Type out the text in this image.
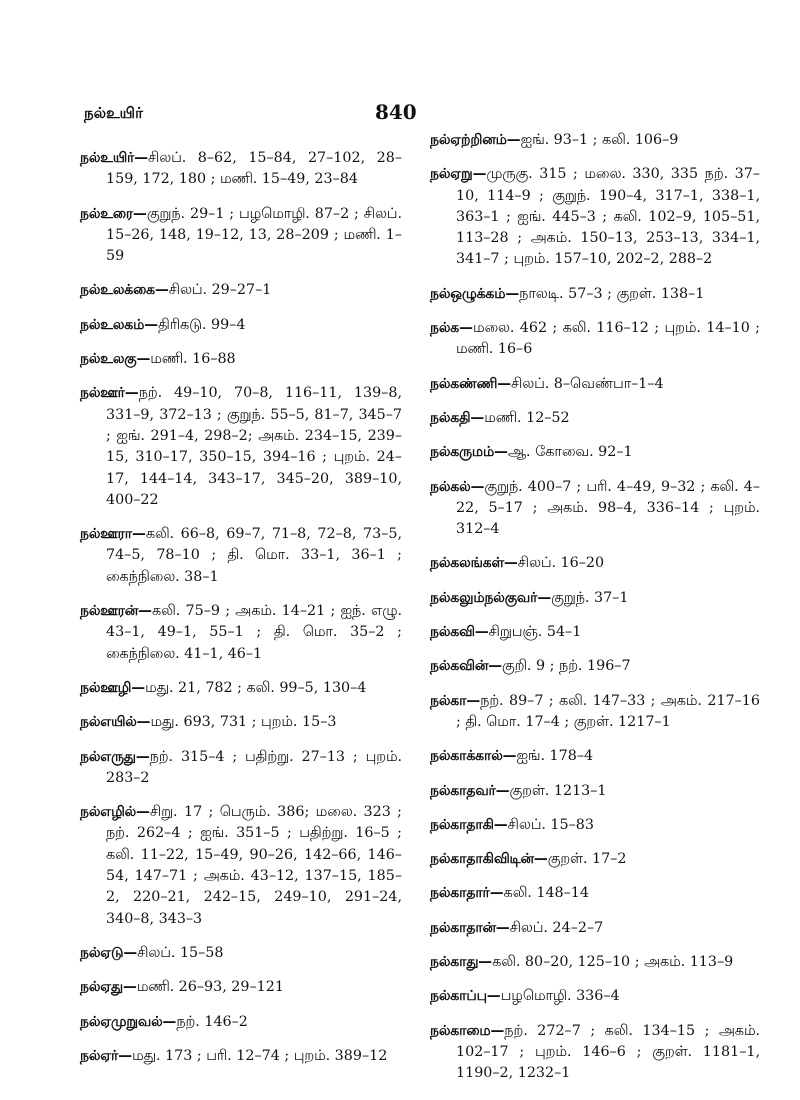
நல்உயிர்	840

நல்உயிர்—சிலப். 8–62, 15–84, 27–102, 28–159, 172, 180 ; மணி. 15–49, 23–84

நல்உரை—குறுந். 29–1 ; பழமொழி. 87–2 ; சிலப். 15–26, 148, 19–12, 13, 28–209 ; மணி. 1–59

நல்உலக்கை—சிலப். 29–27–1

நல்உலகம்—திரிகடு. 99–4

நல்உலகு—மணி. 16–88

நல்ஊர்—நற். 49–10, 70–8, 116–11, 139–8, 331–9, 372–13 ; குறுந். 55–5, 81–7, 345–7 ; ஐங். 291–4, 298–2; அகம். 234–15, 239–15, 310–17, 350–15, 394–16 ; புறம். 24–17, 144–14, 343–17, 345–20, 389–10, 400–22

நல்ஊரா—கலி. 66–8, 69–7, 71–8, 72–8, 73–5, 74–5, 78–10 ; தி. மொ. 33–1, 36–1 ; கைந்நிலை. 38–1

நல்ஊரன்—கலி. 75–9 ; அகம். 14–21 ; ஐந். எழு. 43–1, 49–1, 55–1 ; தி. மொ. 35–2 ; கைந்நிலை. 41–1, 46–1

நல்ஊழி—மது. 21, 782 ; கலி. 99–5, 130–4

நல்எயில்—மது. 693, 731 ; புறம். 15–3

நல்எருது—நற். 315–4 ; பதிற்று. 27–13 ; புறம். 283–2

நல்எழில்—சிறு. 17 ; பெரும். 386; மலை. 323 ; நற். 262–4 ; ஐங். 351–5 ; பதிற்று. 16–5 ; கலி. 11–22, 15–49, 90–26, 142–66, 146–54, 147–71 ; அகம். 43–12, 137–15, 185–2, 220–21, 242–15, 249–10, 291–24, 340–8, 343–3

நல்ஏடு—சிலப். 15–58

நல்ஏது—மணி. 26–93, 29–121

நல்ஏமுறுவல்—நற். 146–2

நல்ஏர்—மது. 173 ; பரி. 12–74 ; புறம். 389–12

நல்ஏற்றினம்—ஐங். 93–1 ; கலி. 106–9

நல்ஏறு—முருகு. 315 ; மலை. 330, 335 நற். 37–10, 114–9 ; குறுந். 190–4, 317–1, 338–1, 363–1 ; ஐங். 445–3 ; கலி. 102–9, 105–51, 113–28 ; அகம். 150–13, 253–13, 334–1, 341–7 ; புறம். 157–10, 202–2, 288–2

நல்ஒழுக்கம்—நாலடி. 57–3 ; குறள். 138–1

நல்க—மலை. 462 ; கலி. 116–12 ; புறம். 14–10 ; மணி. 16–6

நல்கண்ணி—சிலப். 8–வெண்பா–1–4

நல்கதி—மணி. 12–52

நல்கருமம்—ஆ. கோவை. 92–1

நல்கல்—குறுந். 400–7 ; பரி. 4–49, 9–32 ; கலி. 4–22, 5–17 ; அகம். 98–4, 336–14 ; புறம். 312–4

நல்கலங்கள்—சிலப். 16–20

நல்கலும்நல்குவர்—குறுந். 37–1

நல்கவி—சிறுபஞ். 54–1

நல்கவின்—குறி. 9 ; நற். 196–7

நல்கா—நற். 89–7 ; கலி. 147–33 ; அகம். 217–16 ; தி. மொ. 17–4 ; குறள். 1217–1

நல்காக்கால்—ஐங். 178–4

நல்காதவர்—குறள். 1213–1

நல்காதாகி—சிலப். 15–83

நல்காதாகிவிடின்—குறள். 17–2

நல்காதார்—கலி. 148–14

நல்காதான்—சிலப். 24–2–7

நல்காது—கலி. 80–20, 125–10 ; அகம். 113–9

நல்காப்பு—பழமொழி. 336–4

நல்காமை—நற். 272–7 ; கலி. 134–15 ; அகம். 102–17 ; புறம். 146–6 ; குறள். 1181–1, 1190–2, 1232–1
